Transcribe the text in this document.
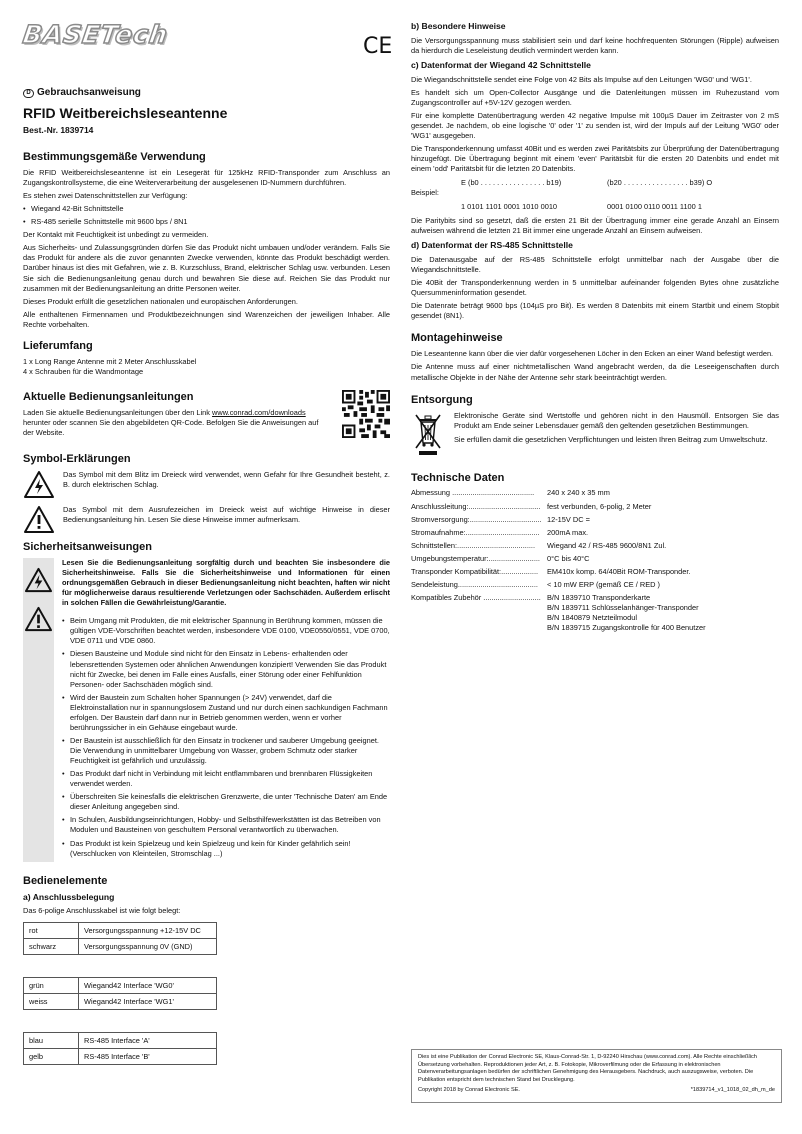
BASETech	CE
D Gebrauchsanweisung
RFID Weitbereichsleseantenne
Best.-Nr. 1839714
Bestimmungsgemäße Verwendung

Die RFID Weitbereichsleseantenne ist ein Lesegerät für 125kHz RFID-Transponder zum Anschluss an Zugangskontrollsysteme, die eine Weiterverarbeitung der ausgelesenen ID-Nummern durchführen.

Es stehen zwei Datenschnittstellen zur Verfügung:

• Wiegand 42-Bit Schnittstelle
• RS-485 serielle Schnittstelle mit 9600 bps / 8N1

Der Kontakt mit Feuchtigkeit ist unbedingt zu vermeiden.

Aus Sicherheits- und Zulassungsgründen dürfen Sie das Produkt nicht umbauen und/oder verändern. Falls Sie das Produkt für andere als die zuvor genannten Zwecke verwenden, könnte das Produkt beschädigt werden. Darüber hinaus ist dies mit Gefahren, wie z. B. Kurzschluss, Brand, elektrischer Schlag usw. verbunden. Lesen Sie sich die Bedienungsanleitung genau durch und bewahren Sie diese auf. Reichen Sie das Produkt nur zusammen mit der Bedienungsanleitung an dritte Personen weiter.

Dieses Produkt erfüllt die gesetzlichen nationalen und europäischen Anforderungen.

Alle enthaltenen Firmennamen und Produktbezeichnungen sind Warenzeichen der jeweiligen Inhaber. Alle Rechte vorbehalten.

Lieferumfang
1 x Long Range Antenne mit 2 Meter Anschlusskabel
4 x Schrauben für die Wandmontage
Aktuelle Bedienungsanleitungen

Laden Sie aktuelle Bedienungsanleitungen über den Link www.conrad.com/downloads herunter oder scannen Sie den abgebildeten QR-Code. Befolgen Sie die Anweisungen auf der Website.

Symbol-Erklärungen

Das Symbol mit dem Blitz im Dreieck wird verwendet, wenn Gefahr für Ihre Gesundheit besteht, z. B. durch elektrischen Schlag.

Das Symbol mit dem Ausrufezeichen im Dreieck weist auf wichtige Hinweise in dieser Bedienungsanleitung hin. Lesen Sie diese Hinweise immer aufmerksam.

Sicherheitsanweisungen

Lesen Sie die Bedienungsanleitung sorgfältig durch und beachten Sie insbesondere die Sicherheitshinweise. Falls Sie die Sicherheitshinweise und Informationen für einen ordnungsgemäßen Gebrauch in dieser Bedienungsanleitung nicht beachten, haften wir nicht für möglicherweise daraus resultierende Verletzungen oder Sachschäden. Außerdem erlischt in solchen Fällen die Gewährleistung/Garantie.

• Beim Umgang mit Produkten, die mit elektrischer Spannung in Berührung kommen, müssen die gültigen VDE-Vorschriften beachtet werden, insbesondere VDE 0100, VDE0550/0551, VDE 0700, VDE 0711 und VDE 0860.
• Diesen Bausteine und Module sind nicht für den Einsatz in Lebens- erhaltenden oder lebensrettenden Systemen oder ähnlichen Anwendungen konzipiert! Verwenden Sie das Produkt nicht für Zwecke, bei denen im Falle eines Ausfalls, einer Störung oder einer Fehlfunktion Personen- oder Sachschäden möglich sind.
• Wird der Baustein zum Schalten hoher Spannungen (> 24V) verwendet, darf die Elektroinstallation nur in spannungslosem Zustand und nur durch einen sachkundigen Fachmann erfolgen. Der Baustein darf dann nur in Betrieb genommen werden, wenn er vorher berührungssicher in ein Gehäuse eingebaut wurde.
• Der Baustein ist ausschließlich für den Einsatz in trockener und sauberer Umgebung geeignet. Die Verwendung in unmittelbarer Umgebung von Wasser, grobem Schmutz oder starker Feuchtigkeit ist gefährlich und unzulässig.
• Das Produkt darf nicht in Verbindung mit leicht entflammbaren und brennbaren Flüssigkeiten verwendet werden.
• Überschreiten Sie keinesfalls die elektrischen Grenzwerte, die unter 'Technische Daten' am Ende dieser Anleitung angegeben sind.
• In Schulen, Ausbildungseinrichtungen, Hobby- und Selbsthilfewerkstätten ist das Betreiben von Modulen und Bausteinen von geschultem Personal verantwortlich zu überwachen.
• Das Produkt ist kein Spielzeug und kein Spielzeug und kein für Kinder gefährlich sein! (Verschlucken von Kleinteilen, Stromschlag ...)
Bedienelemente
a) Anschlussbelegung

Das 6-polige Anschlusskabel ist wie folgt belegt:

rot	Versorgungsspannung +12-15V DC
schwarz	Versorgungsspannung 0V (GND)
grün	Wiegand42 Interface 'WG0'
weiss	Wiegand42 Interface 'WG1'
blau	RS-485 Interface 'A'
gelb	RS-485 Interface 'B'
b) Besondere Hinweise

Die Versorgungsspannung muss stabilisiert sein und darf keine hochfrequenten Störungen (Ripple) aufweisen da hierdurch die Leseleistung deutlich vermindert werden kann.

c) Datenformat der Wiegand 42 Schnittstelle

Die Wiegandschnittstelle sendet eine Folge von 42 Bits als Impulse auf den Leitungen 'WG0' und 'WG1'.

Es handelt sich um Open-Collector Ausgänge und die Datenleitungen müssen im Ruhezustand vom Zugangscontroller auf +5V-12V gezogen werden.

Für eine komplette Datenübertragung werden 42 negative Impulse mit 100µS Dauer im Zeitraster von 2 mS gesendet. Je nachdem, ob eine logische '0' oder '1' zu senden ist, wird der Impuls auf der Leitung 'WG0' oder 'WG1' ausgegeben.

Die Transponderkennung umfasst 40Bit und es werden zwei Paritätsbits zur Überprüfung der Datenübertragung hinzugefügt. Die Übertragung beginnt mit einem 'even' Paritätsbit für die ersten 20 Datenbits und endet mit einem 'odd' Paritätsbit für die letzten 20 Datenbits.

E (b0 . . . . . . . . . . . . . . . . b19)	(b20 . . . . . . . . . . . . . . . . b39) O
Beispiel:
1 0101 1101 0001 1010 0010	0001 0100 0110 0011 1100 1

Die Paritybits sind so gesetzt, daß die ersten 21 Bit der Übertragung immer eine gerade Anzahl an Einsern aufweisen während die letzten 21 Bit immer eine ungerade Anzahl an Einsern aufweisen.

d) Datenformat der RS-485 Schnittstelle

Die Datenausgabe auf der RS-485 Schnittstelle erfolgt unmittelbar nach der Ausgabe über die Wiegandschnittstelle.

Die 40Bit der Transponderkennung werden in 5 unmittelbar aufeinander folgenden Bytes ohne zusätzliche Quersummeninformation gesendet.

Die Datenrate beträgt 9600 bps (104µS pro Bit). Es werden 8 Datenbits mit einem Startbit und einem Stopbit gesendet (8N1).

Montagehinweise

Die Leseantenne kann über die vier dafür vorgesehenen Löcher in den Ecken an einer Wand befestigt werden.

Die Antenne muss auf einer nichtmetallischen Wand angebracht werden, da die Leseeigenschaften durch metallische Objekte in der Nähe der Antenne sehr stark beeinträchtigt werden.

Entsorgung

Elektronische Geräte sind Wertstoffe und gehören nicht in den Hausmüll. Entsorgen Sie das Produkt am Ende seiner Lebensdauer gemäß den geltenden gesetzlichen Bestimmungen.

Sie erfüllen damit die gesetzlichen Verpflichtungen und leisten Ihren Beitrag zum Umweltschutz.

Technische Daten
Abmessung ........................................	240 x 240 x 35 mm
Anschlussleitung:................................... fest verbunden, 6-polig, 2 Meter
Stromversorgung:................................... 12-15V DC =
Stromaufnahme:....................................	200mA max.
Schnittstellen:......................................	Wiegand 42 / RS-485 9600/8N1 Zul.
Umgebungstemperatur:......................... 0°C bis 40°C
Transponder Kompatibilität:..................	EM410x komp. 64/40Bit ROM-Transponder.
Sendeleistung.......................................	< 10 mW ERP (gemäß CE / RED )
Kompatibles Zubehör ............................ B/N 1839710 Transponderkarte
B/N 1839711 Schlüsselanhänger-Transponder
B/N 1840879 Netzteilmodul
B/N 1839715 Zugangskontrolle für 400 Benutzer
Dies ist eine Publikation der Conrad Electronic SE, Klaus-Conrad-Str. 1, D-92240 Hirschau (www.conrad.com). Alle Rechte einschließlich Übersetzung vorbehalten. Reproduktionen jeder Art, z. B. Fotokopie, Mikroverfilmung oder die Erfassung in elektronischen Datenverarbeitungsanlagen bedürfen der schriftlichen Genehmigung des Herausgebers. Nachdruck, auch auszugsweise, verboten. Die Publikation entspricht dem technischen Stand bei Drucklegung.
Copyright 2018 by Conrad Electronic SE.	*1839714_v1_1018_02_dh_m_de
